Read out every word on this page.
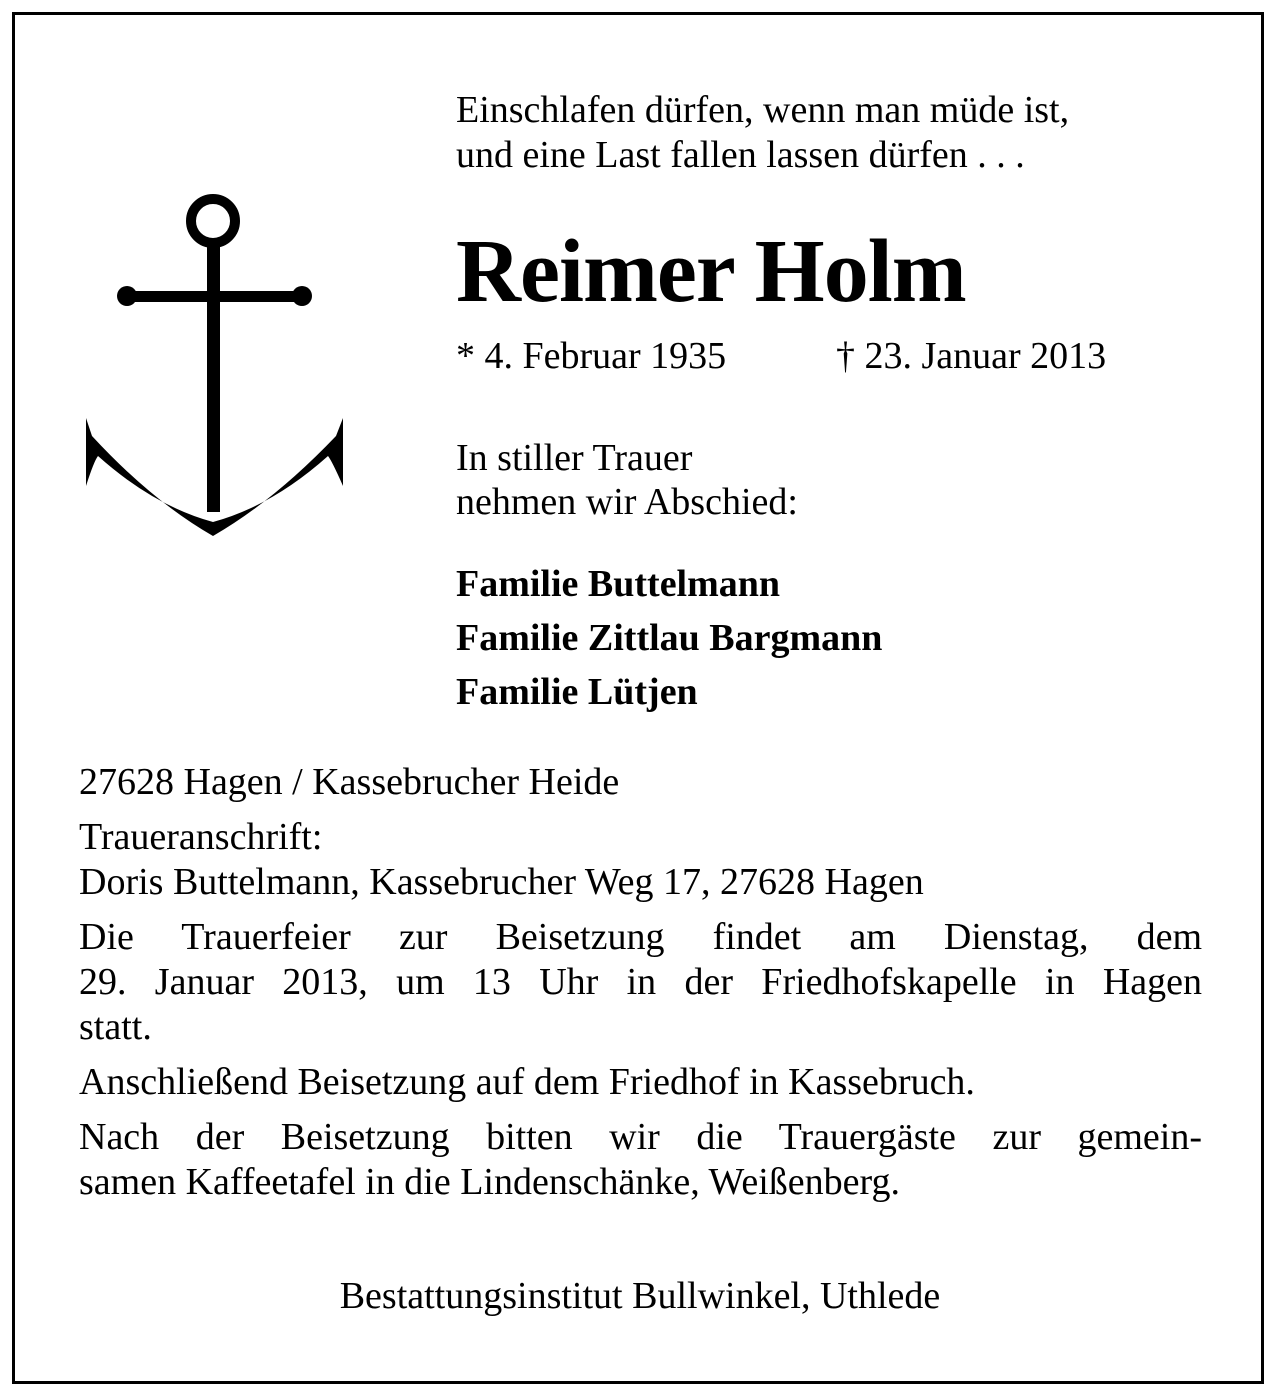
Einschlafen dürfen, wenn man müde ist,
und eine Last fallen lassen dürfen . . .
Reimer Holm
* 4. Februar 1935	† 23. Januar 2013
In stiller Trauer
nehmen wir Abschied:
Familie Buttelmann
Familie Zittlau Bargmann
Familie Lütjen
27628 Hagen / Kassebrucher Heide
Traueranschrift:
Doris Buttelmann, Kassebrucher Weg 17, 27628 Hagen
Die Trauerfeier zur Beisetzung findet am Dienstag, dem
29. Januar 2013, um 13 Uhr in der Friedhofskapelle in Hagen
statt.
Anschließend Beisetzung auf dem Friedhof in Kassebruch.
Nach der Beisetzung bitten wir die Trauergäste zur gemein-
samen Kaffeetafel in die Lindenschänke, Weißenberg.
Bestattungsinstitut Bullwinkel, Uthlede
